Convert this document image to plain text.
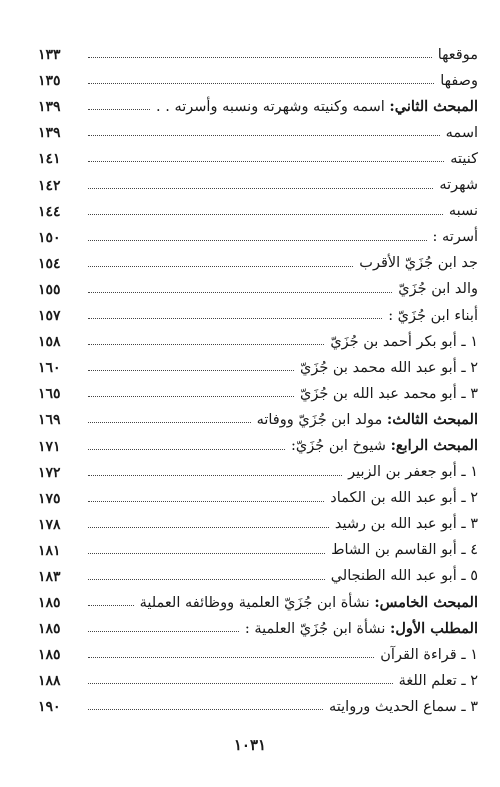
موقعها
١٣٣
وصفها
١٣٥
المبحث الثاني: اسمه وكنيته وشهرته ونسبه وأسرته . .
١٣٩
اسمه
١٣٩
كنيته
١٤١
شهرته
١٤٢
نسبه
١٤٤
أسرته :
١٥٠
جد ابن جُزَيّ الأقرب
١٥٤
والد ابن جُزَيّ
١٥٥
أبناء ابن جُزَيّ :
١٥٧
١ ـ أبو بكر أحمد بن جُزَيّ
١٥٨
٢ ـ أبو عبد الله محمد بن جُزَيّ
١٦٠
٣ ـ أبو محمد عبد الله بن جُزَيّ
١٦٥
المبحث الثالث: مولد ابن جُزَيّ ووفاته
١٦٩
المبحث الرابع: شيوخ ابن جُزَيّ:
١٧١
١ ـ أبو جعفر بن الزبير
١٧٢
٢ ـ أبو عبد الله بن الكماد
١٧٥
٣ ـ أبو عبد الله بن رشيد
١٧٨
٤ ـ أبو القاسم بن الشاط
١٨١
٥ ـ أبو عبد الله الطنجالي
١٨٣
المبحث الخامس: نشأة ابن جُزَيّ العلمية ووظائفه العملية
١٨٥
المطلب الأول: نشأة ابن جُزَيّ العلمية :
١٨٥
١ ـ قراءة القرآن
١٨٥
٢ ـ تعلم اللغة
١٨٨
٣ ـ سماع الحديث وروايته
١٩٠
١٠٣١
